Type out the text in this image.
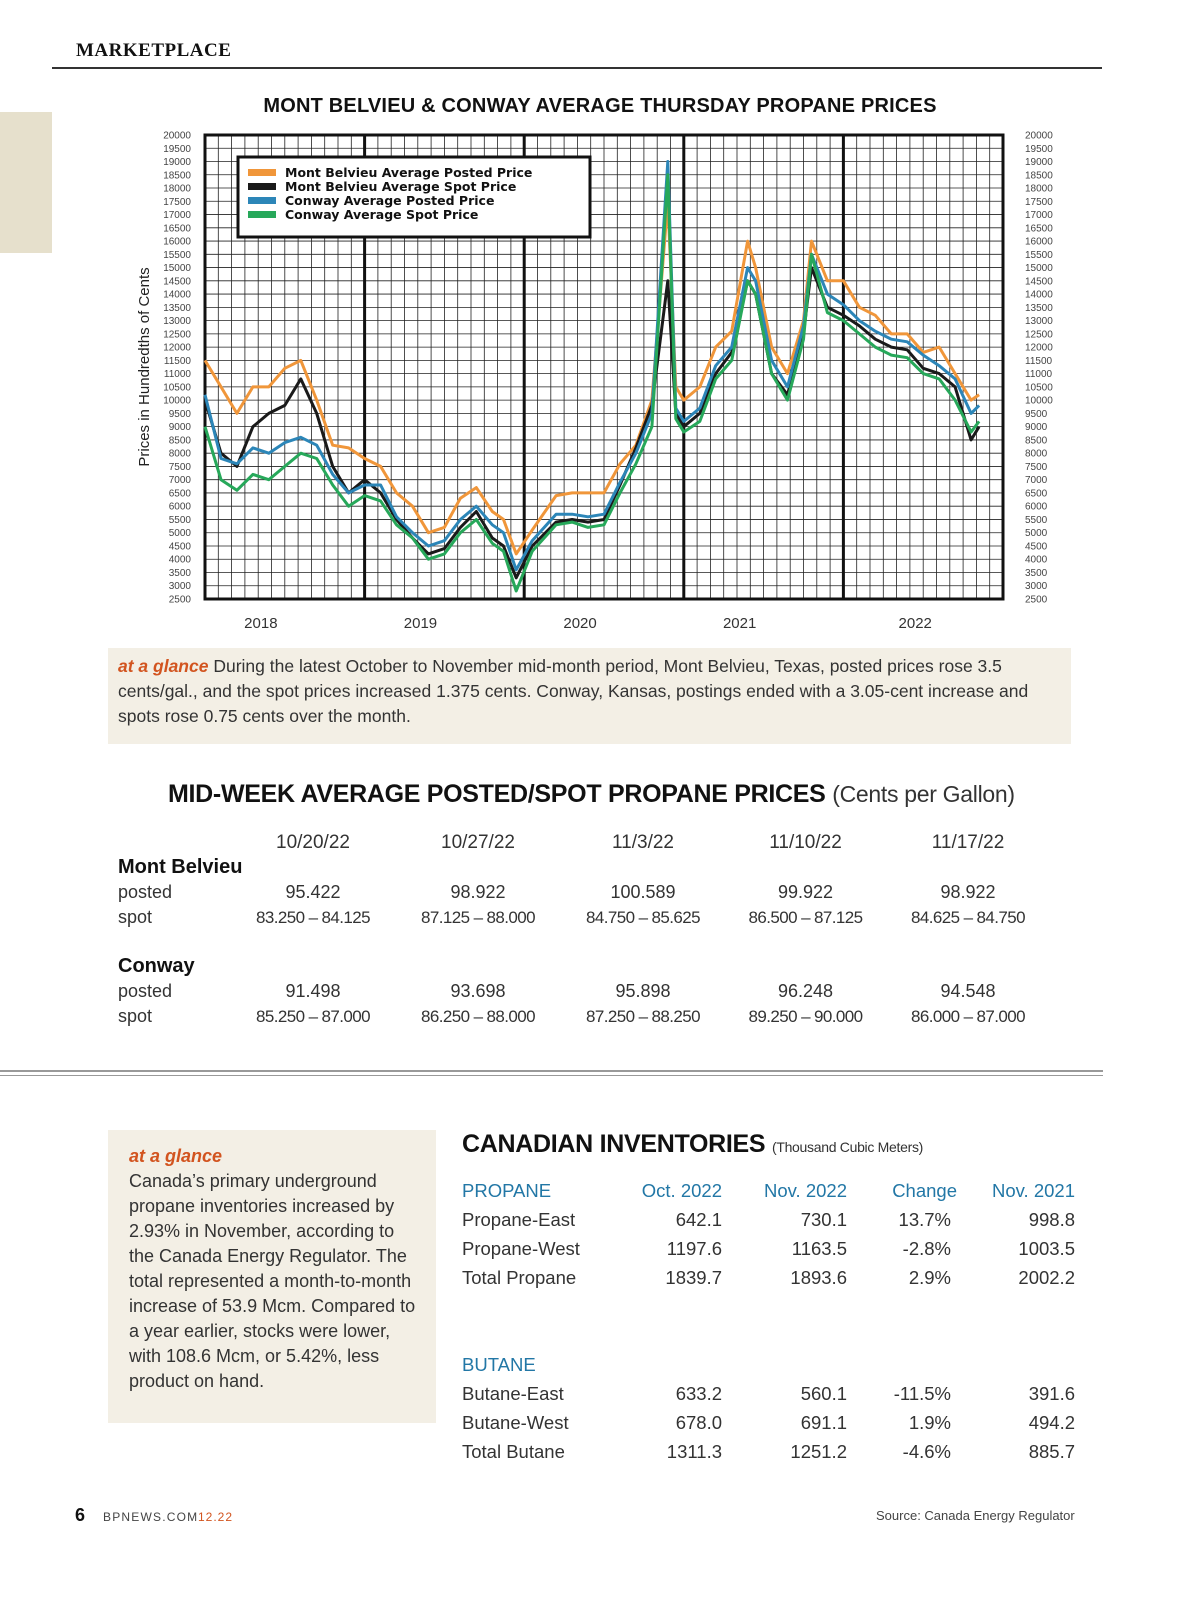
MARKETPLACE
MONT BELVIEU & CONWAY AVERAGE THURSDAY PROPANE PRICES
20000	20000
19500	19500
19000	19000
18500	18500
18000	18000
17500	17500
17000	17000
16500	16500
16000	16000
15500	15500
15000	15000
14500	14500
14000	14000
13500	13500
13000	13000
12500	12500
12000	12000
11500	11500
11000	11000
10500	10500
10000	10000
9500	9500
9000	9000
8500	8500
8000	8000
7500	7500
7000	7000
6500	6500
6000	6000
5500	5500
5000	5000
4500	4500
4000	4000
3500	3500
3000	3000
2500	2500
Prices in Hundredths of Cents
2018	2019	2020	2021	2022
Mont Belvieu Average Posted Price
Mont Belvieu Average Spot Price
Conway Average Posted Price
Conway Average Spot Price

at a glance During the latest October to November mid-month period, Mont Belvieu, Texas, posted prices rose 3.5 cents/gal., and the spot prices increased 1.375 cents. Conway, Kansas, postings ended with a 3.05-cent increase and spots rose 0.75 cents over the month.

MID-WEEK AVERAGE POSTED/SPOT PROPANE PRICES (Cents per Gallon)
	10/20/22	10/27/22	11/3/22	11/10/22	11/17/22
Mont Belvieu					
posted	95.422	98.922	100.589	99.922	98.922
spot	83.250 – 84.125	87.125 – 88.000	84.750 – 85.625	86.500 – 87.125	84.625 – 84.750

Conway					
posted	91.498	93.698	95.898	96.248	94.548
spot	85.250 – 87.000	86.250 – 88.000	87.250 – 88.250	89.250 – 90.000	86.000 – 87.000
at a glance
Canada’s primary underground propane inventories increased by 2.93% in November, according to the Canada Energy Regulator. The total represented a month-to-month increase of 53.9 Mcm. Compared to a year earlier, stocks were lower, with 108.6 Mcm, or 5.42%, less product on hand.
CANADIAN INVENTORIES (Thousand Cubic Meters)
PROPANE	Oct. 2022	Nov. 2022	Change	Nov. 2021
Propane-East	642.1	730.1	13.7%	998.8
Propane-West	1197.6	1163.5	-2.8%	1003.5
Total Propane	1839.7	1893.6	2.9%	2002.2

BUTANE				
Butane-East	633.2	560.1	-11.5%	391.6
Butane-West	678.0	691.1	1.9%	494.2
Total Butane	1311.3	1251.2	-4.6%	885.7
6 BPNEWS.COM 12.22	Source: Canada Energy Regulator
